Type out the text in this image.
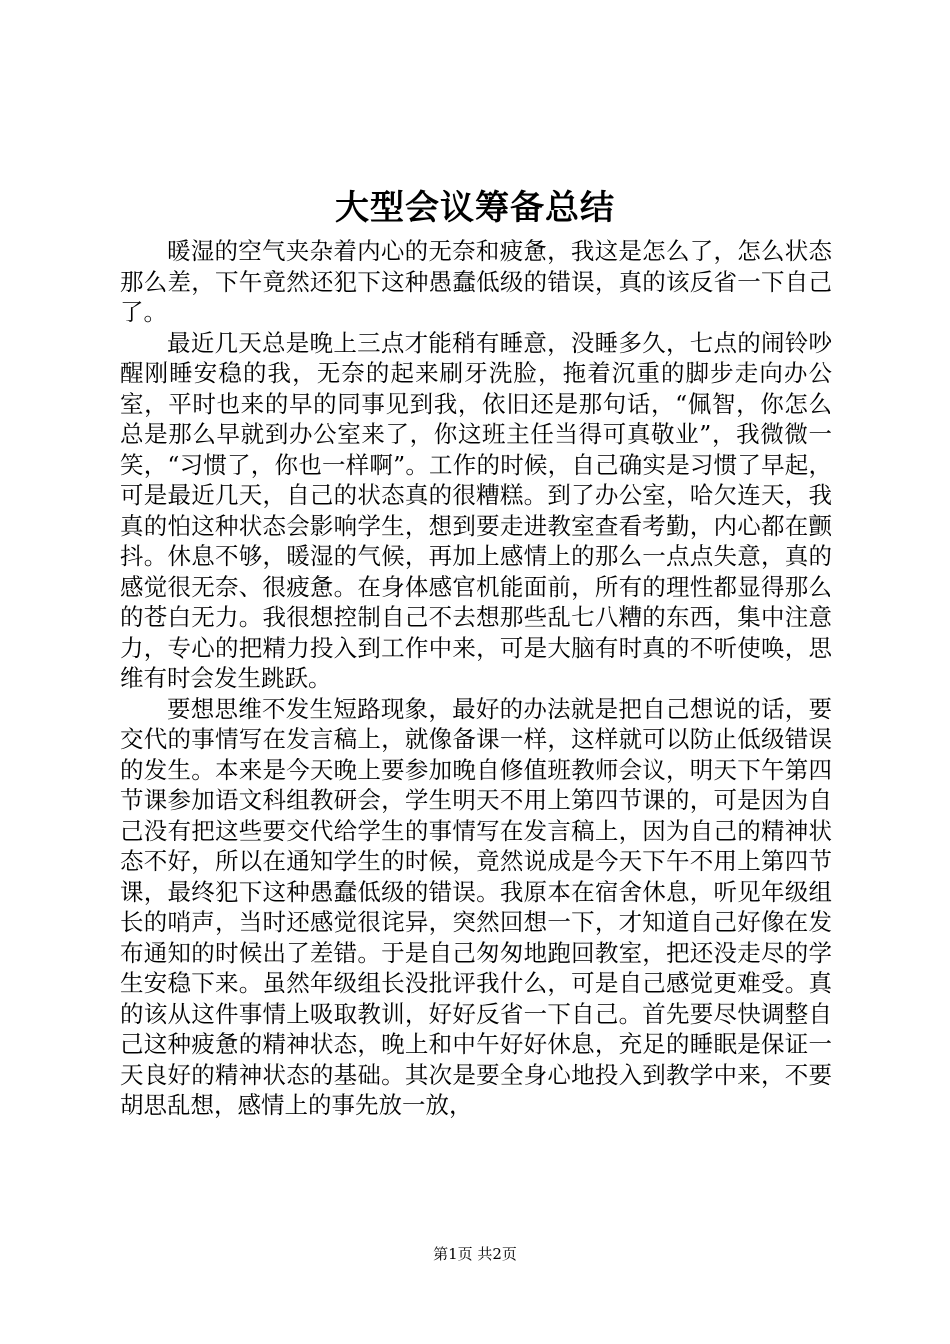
大型会议筹备总结

暖湿的空气夹杂着内心的无奈和疲惫，我这是怎么了，怎么状态那么差，下午竟然还犯下这种愚蠢低级的错误，真的该反省一下自己了。

最近几天总是晚上三点才能稍有睡意，没睡多久，七点的闹铃吵醒刚睡安稳的我，无奈的起来刷牙洗脸，拖着沉重的脚步走向办公室，平时也来的早的同事见到我，依旧还是那句话，“佩智，你怎么总是那么早就到办公室来了，你这班主任当得可真敬业”，我微微一笑，“习惯了，你也一样啊”。工作的时候，自己确实是习惯了早起，可是最近几天，自己的状态真的很糟糕。到了办公室，哈欠连天，我真的怕这种状态会影响学生，想到要走进教室查看考勤，内心都在颤抖。休息不够，暖湿的气候，再加上感情上的那么一点点失意，真的感觉很无奈、很疲惫。在身体感官机能面前，所有的理性都显得那么的苍白无力。我很想控制自己不去想那些乱七八糟的东西，集中注意力，专心的把精力投入到工作中来，可是大脑有时真的不听使唤，思维有时会发生跳跃。

要想思维不发生短路现象，最好的办法就是把自己想说的话，要交代的事情写在发言稿上，就像备课一样，这样就可以防止低级错误的发生。本来是今天晚上要参加晚自修值班教师会议，明天下午第四节课参加语文科组教研会，学生明天不用上第四节课的，可是因为自己没有把这些要交代给学生的事情写在发言稿上，因为自己的精神状态不好，所以在通知学生的时候，竟然说成是今天下午不用上第四节课，最终犯下这种愚蠢低级的错误。我原本在宿舍休息，听见年级组长的哨声，当时还感觉很诧异，突然回想一下，才知道自己好像在发布通知的时候出了差错。于是自己匆匆地跑回教室，把还没走尽的学生安稳下来。虽然年级组长没批评我什么，可是自己感觉更难受。真的该从这件事情上吸取教训，好好反省一下自己。首先要尽快调整自己这种疲惫的精神状态，晚上和中午好好休息，充足的睡眠是保证一天良好的精神状态的基础。其次是要全身心地投入到教学中来，不要胡思乱想，感情上的事先放一放，

第1页 共2页
